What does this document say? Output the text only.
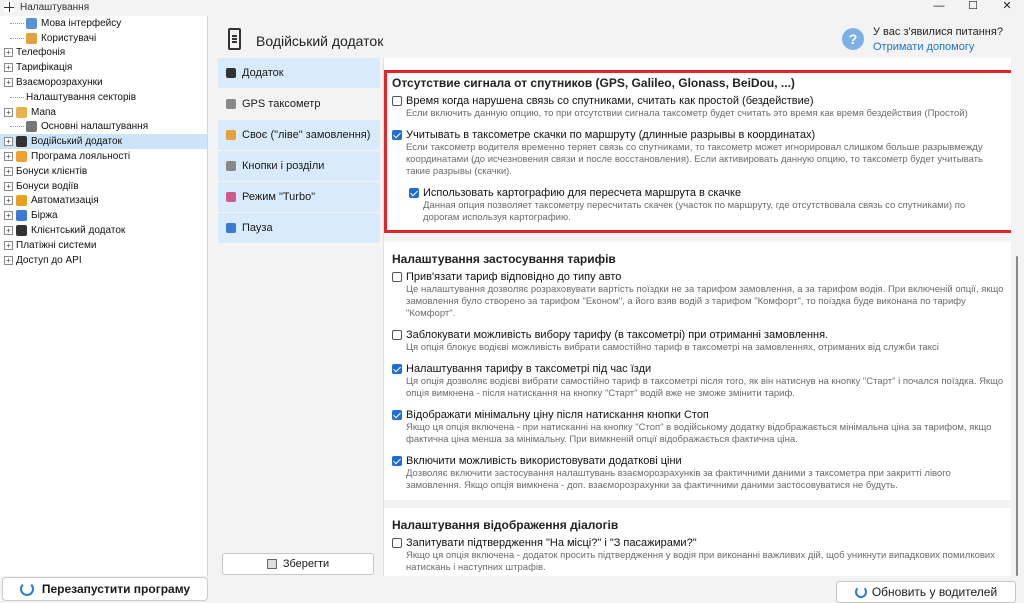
Налаштування	—	☐	✕
Мова інтерфейсу
Користувачі
+ Телефонія
+ Тарифікація
+ Взаєморозрахунки
Налаштування секторів
+ Мапа
Основні налаштування
+ Водійський додаток
+ Програма лояльності
+ Бонуси клієнтів
+ Бонуси водіїв
+ Автоматизація
+ Біржа
+ Клієнтський додаток
+ Платіжні системи
+ Доступ до API
Перезапустити програму
Водійський додаток	?	У вас з'явилися питання?
Отримати допомогу
Додаток
GPS таксометр
Своє ("ліве" замовлення)
Кнопки і розділи
Режим "Turbo"
Пауза
Зберегти
Отсутствие сигнала от спутников (GPS, Galileo, Glonass, BeiDou, ...)
Время когда нарушена связь со спутниками, считать как простой (бездействие)
Если включить данную опцию, то при отсутствии сигнала таксометр будет считать это время как время бездействия (Простой)
Учитывать в таксометре скачки по маршруту (длинные разрывы в координатах)
Если таксометр водителя временно теряет связь со спутниками, то таксометр может игнорировал слишком больше разрывмежду координатами (до исчезновения связи и после восстановления). Если активировать данную опцию, то таксометр будет учитывать такие разрывы (скачки).
Использовать картографию для пересчета маршрута в скачке
Данная опция позволяет таксометру пересчитать скачек (участок по маршруту, где отсутствовала связь со спутниками) по дорогам используя картографию.
Налаштування застосування тарифів
Прив'язати тариф відповідно до типу авто
Це налаштування дозволяє розраховувати вартість поїздки не за тарифом замовлення, а за тарифом водія. При включеній опції, якщо замовлення було створено за тарифом "Економ", а його взяв водій з тарифом "Комфорт", то поїздка буде виконана по тарифу "Комфорт".
Заблокувати можливість вибору тарифу (в таксометрі) при отриманні замовлення.
Ця опція блокує водієві можливість вибрати самостійно тариф в таксометрі на замовленнях, отриманих від служби таксі
Налаштування тарифу в таксометрі під час їзди
Ця опція дозволяє водієві вибрати самостійно тариф в таксометрі після того, як він натиснув на кнопку "Старт" і почался поїздка. Якщо опція вимкнена - після натискання на кнопку "Старт" водій вже не зможе змінити тариф.
Відображати мінімальну ціну після натискання кнопки Стоп
Якщо ця опція включена - при натисканні на кнопку "Стоп" в водійському додатку відображається мінімальна ціна за тарифом, якщо фактична ціна менша за мінімальну. При вимкненій опції відображається фактична ціна.
Включити можливість використовувати додаткові ціни
Дозволяє включити застосування налаштувань взаєморозрахунків за фактичними даними з таксометра при закритті лівого замовлення. Якщо опція вимкнена - доп. взаєморозрахунки за фактичними даними застосовуватися не будуть.
Налаштування відображення діалогів
Запитувати підтвердження "На місці?" і "З пасажирами?"
Якщо ця опція включена - додаток просить підтвердження у водія при виконанні важливих дій, щоб уникнути випадкових помилкових натискань і наступних штрафів.
Обновить у водителей
